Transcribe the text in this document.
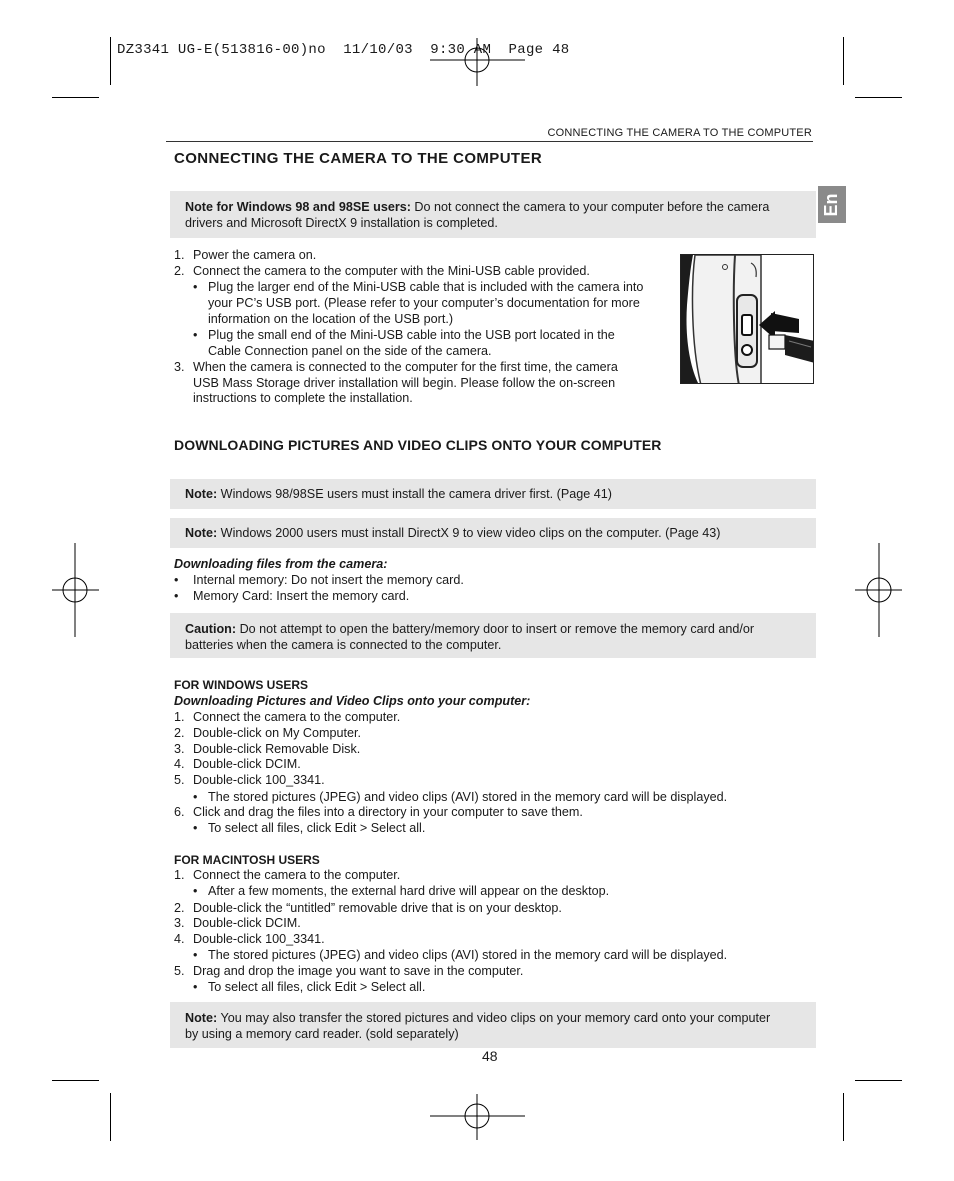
DZ3341 UG-E(513816-00)no  11/10/03  9:30 AM  Page 48
CONNECTING THE CAMERA TO THE COMPUTER
En
CONNECTING THE CAMERA TO THE COMPUTER
Note for Windows 98 and 98SE users: Do not connect the camera to your computer before the camera
drivers and Microsoft DirectX 9 installation is completed.
1. Power the camera on.
2. Connect the camera to the computer with the Mini-USB cable provided.
• Plug the larger end of the Mini-USB cable that is included with the camera into
your PC’s USB port. (Please refer to your computer’s documentation for more
information on the location of the USB port.)
• Plug the small end of the Mini-USB cable into the USB port located in the
Cable Connection panel on the side of the camera.
3. When the camera is connected to the computer for the first time, the camera
USB Mass Storage driver installation will begin. Please follow the on-screen
instructions to complete the installation.
DOWNLOADING PICTURES AND VIDEO CLIPS ONTO YOUR COMPUTER
Note: Windows 98/98SE users must install the camera driver first. (Page 41)
Note: Windows 2000 users must install DirectX 9 to view video clips on the computer. (Page 43)
Downloading files from the camera:
• Internal memory: Do not insert the memory card.
• Memory Card: Insert the memory card.
Caution: Do not attempt to open the battery/memory door to insert or remove the memory card and/or
batteries when the camera is connected to the computer.
FOR WINDOWS USERS
Downloading Pictures and Video Clips onto your computer:
1. Connect the camera to the computer.
2. Double-click on My Computer.
3. Double-click Removable Disk.
4. Double-click DCIM.
5. Double-click 100_3341.
• The stored pictures (JPEG) and video clips (AVI) stored in the memory card will be displayed.
6. Click and drag the files into a directory in your computer to save them.
• To select all files, click Edit > Select all.
FOR MACINTOSH USERS
1. Connect the camera to the computer.
• After a few moments, the external hard drive will appear on the desktop.
2. Double-click the “untitled” removable drive that is on your desktop.
3. Double-click DCIM.
4. Double-click 100_3341.
• The stored pictures (JPEG) and video clips (AVI) stored in the memory card will be displayed.
5. Drag and drop the image you want to save in the computer.
• To select all files, click Edit > Select all.
Note: You may also transfer the stored pictures and video clips on your memory card onto your computer
by using a memory card reader. (sold separately)
48
